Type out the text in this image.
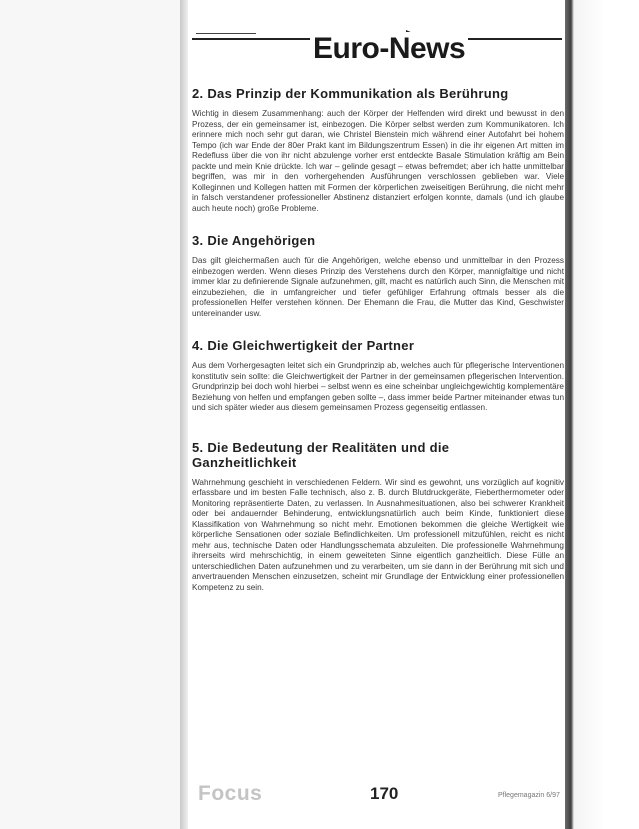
Euro-News
2. Das Prinzip der Kommunikation als Berührung

Wichtig in diesem Zusammenhang: auch der Körper der Helfenden wird direkt und bewusst in den Prozess, der ein gemeinsamer ist, einbezogen. Die Körper selbst werden zum Kommunikatoren. Ich erinnere mich noch sehr gut daran, wie Christel Bienstein mich während einer Autofahrt bei hohem Tempo (ich war Ende der 80er Prakt kant im Bildungszentrum Essen) in die ihr eigenen Art mitten im Redefluss über die von ihr nicht abzulenge vorher erst entdeckte Basale Stimulation kräftig am Bein packte und mein Knie drückte. Ich war – gelinde gesagt – etwas befremdet; aber ich hatte unmittelbar begriffen, was mir in den vorhergehenden Ausführungen verschlossen geblieben war. Viele Kolleginnen und Kollegen hatten mit Formen der körperlichen zweiseitigen Berührung, die nicht mehr in falsch verstandener professioneller Abstinenz distanziert erfolgen konnte, damals (und ich glaube auch heute noch) große Probleme.

3. Die Angehörigen

Das gilt gleichermaßen auch für die Angehörigen, welche ebenso und unmittelbar in den Prozess einbezogen werden. Wenn dieses Prinzip des Verstehens durch den Körper, mannigfaltige und nicht immer klar zu definierende Signale aufzunehmen, gilt, macht es natürlich auch Sinn, die Menschen mit einzubeziehen, die in umfangreicher und tiefer gefühliger Erfahrung oftmals besser als die professionellen Helfer verstehen können. Der Ehemann die Frau, die Mutter das Kind, Geschwister untereinander usw.

4. Die Gleichwertigkeit der Partner

Aus dem Vorhergesagten leitet sich ein Grundprinzip ab, welches auch für pflegerische Interventionen konstitutiv sein sollte: die Gleichwertigkeit der Partner in der gemeinsamen pflegerischen Intervention. Grundprinzip bei doch wohl hierbei – selbst wenn es eine scheinbar ungleichgewichtig komplementäre Beziehung von helfen und empfangen geben sollte –, dass immer beide Partner miteinander etwas tun und sich später wieder aus diesem gemeinsamen Prozess gegenseitig entlassen.

5. Die Bedeutung der Realitäten und die
Ganzheitlichkeit

Wahrnehmung geschieht in verschiedenen Feldern. Wir sind es gewohnt, uns vorzüglich auf kognitiv erfassbare und im besten Falle technisch, also z. B. durch Blutdruckgeräte, Fieberthermometer oder Monitoring repräsentierte Daten, zu verlassen. In Ausnahmesituationen, also bei schwerer Krankheit oder bei andauernder Behinderung, entwicklungsnatürlich auch beim Kinde, funktioniert diese Klassifikation von Wahrnehmung so nicht mehr. Emotionen bekommen die gleiche Wertigkeit wie körperliche Sensationen oder soziale Befindlichkeiten. Um professionell mitzufühlen, reicht es nicht mehr aus, technische Daten oder Handlungsschemata abzuleiten. Die professionelle Wahrnehmung ihrerseits wird mehrschichtig, in einem geweiteten Sinne eigentlich ganzheitlich. Diese Fülle an unterschiedlichen Daten aufzunehmen und zu verarbeiten, um sie dann in der Berührung mit sich und anvertrauenden Menschen einzusetzen, scheint mir Grundlage der Entwicklung einer professionellen Kompetenz zu sein.

Focus	170	Pflegemagazin 6/97
